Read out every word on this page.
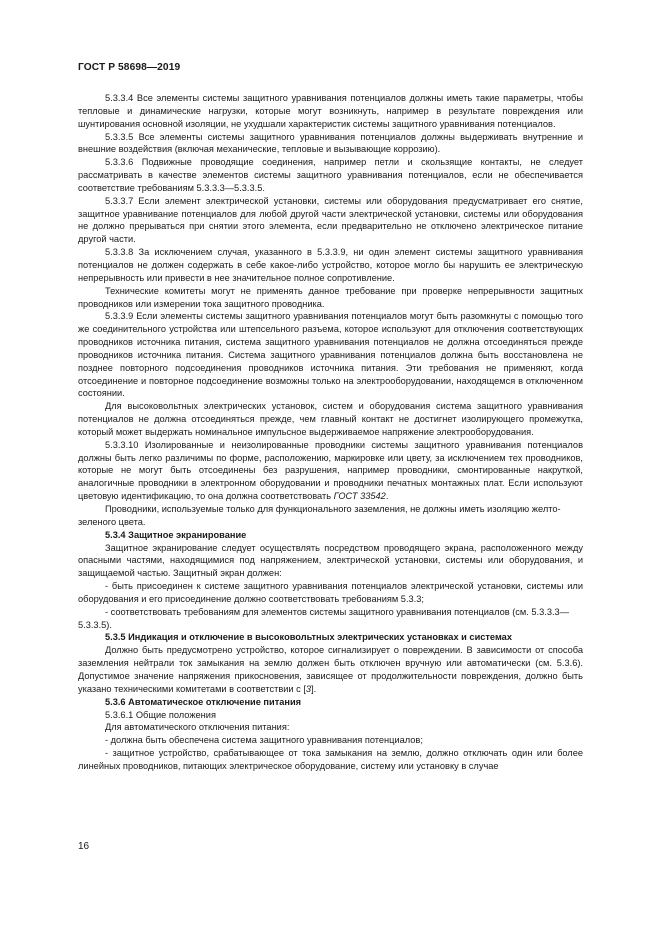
ГОСТ Р 58698—2019

5.3.3.4 Все элементы системы защитного уравнивания потенциалов должны иметь такие параметры, чтобы тепловые и динамические нагрузки, которые могут возникнуть, например в результате повреждения или шунтирования основной изоляции, не ухудшали характеристик системы защитного уравнивания потенциалов.

5.3.3.5 Все элементы системы защитного уравнивания потенциалов должны выдерживать внутренние и внешние воздействия (включая механические, тепловые и вызывающие коррозию).

5.3.3.6 Подвижные проводящие соединения, например петли и скользящие контакты, не следует рассматривать в качестве элементов системы защитного уравнивания потенциалов, если не обеспечивается соответствие требованиям 5.3.3.3—5.3.3.5.

5.3.3.7 Если элемент электрической установки, системы или оборудования предусматривает его снятие, защитное уравнивание потенциалов для любой другой части электрической установки, системы или оборудования не должно прерываться при снятии этого элемента, если предварительно не отключено электрическое питание другой части.

5.3.3.8 За исключением случая, указанного в 5.3.3.9, ни один элемент системы защитного уравнивания потенциалов не должен содержать в себе какое-либо устройство, которое могло бы нарушить ее электрическую непрерывность или привести в нее значительное полное сопротивление.

Технические комитеты могут не применять данное требование при проверке непрерывности защитных проводников или измерении тока защитного проводника.

5.3.3.9 Если элементы системы защитного уравнивания потенциалов могут быть разомкнуты с помощью того же соединительного устройства или штепсельного разъема, которое используют для отключения соответствующих проводников источника питания, система защитного уравнивания потенциалов не должна отсоединяться прежде проводников источника питания. Система защитного уравнивания потенциалов должна быть восстановлена не позднее повторного подсоединения проводников источника питания. Эти требования не применяют, когда отсоединение и повторное подсоединение возможны только на электрооборудовании, находящемся в отключенном состоянии.

Для высоковольтных электрических установок, систем и оборудования система защитного уравнивания потенциалов не должна отсоединяться прежде, чем главный контакт не достигнет изолирующего промежутка, который может выдержать номинальное импульсное выдерживаемое напряжение электрооборудования.

5.3.3.10 Изолированные и неизолированные проводники системы защитного уравнивания потенциалов должны быть легко различимы по форме, расположению, маркировке или цвету, за исключением тех проводников, которые не могут быть отсоединены без разрушения, например проводники, смонтированные накруткой, аналогичные проводники в электронном оборудовании и проводники печатных монтажных плат. Если используют цветовую идентификацию, то она должна соответствовать ГОСТ 33542.

Проводники, используемые только для функционального заземления, не должны иметь изоляцию желто-зеленого цвета.

5.3.4 Защитное экранирование

Защитное экранирование следует осуществлять посредством проводящего экрана, расположенного между опасными частями, находящимися под напряжением, электрической установки, системы или оборудования, и защищаемой частью. Защитный экран должен:

- быть присоединен к системе защитного уравнивания потенциалов электрической установки, системы или оборудования и его присоединение должно соответствовать требованиям 5.3.3;

- соответствовать требованиям для элементов системы защитного уравнивания потенциалов (см. 5.3.3.3—5.3.3.5).

5.3.5 Индикация и отключение в высоковольтных электрических установках и системах

Должно быть предусмотрено устройство, которое сигнализирует о повреждении. В зависимости от способа заземления нейтрали ток замыкания на землю должен быть отключен вручную или автоматически (см. 5.3.6). Допустимое значение напряжения прикосновения, зависящее от продолжительности повреждения, должно быть указано техническими комитетами в соответствии с [3].

5.3.6 Автоматическое отключение питания

5.3.6.1 Общие положения

Для автоматического отключения питания:

- должна быть обеспечена система защитного уравнивания потенциалов;

- защитное устройство, срабатывающее от тока замыкания на землю, должно отключать один или более линейных проводников, питающих электрическое оборудование, систему или установку в случае

16
